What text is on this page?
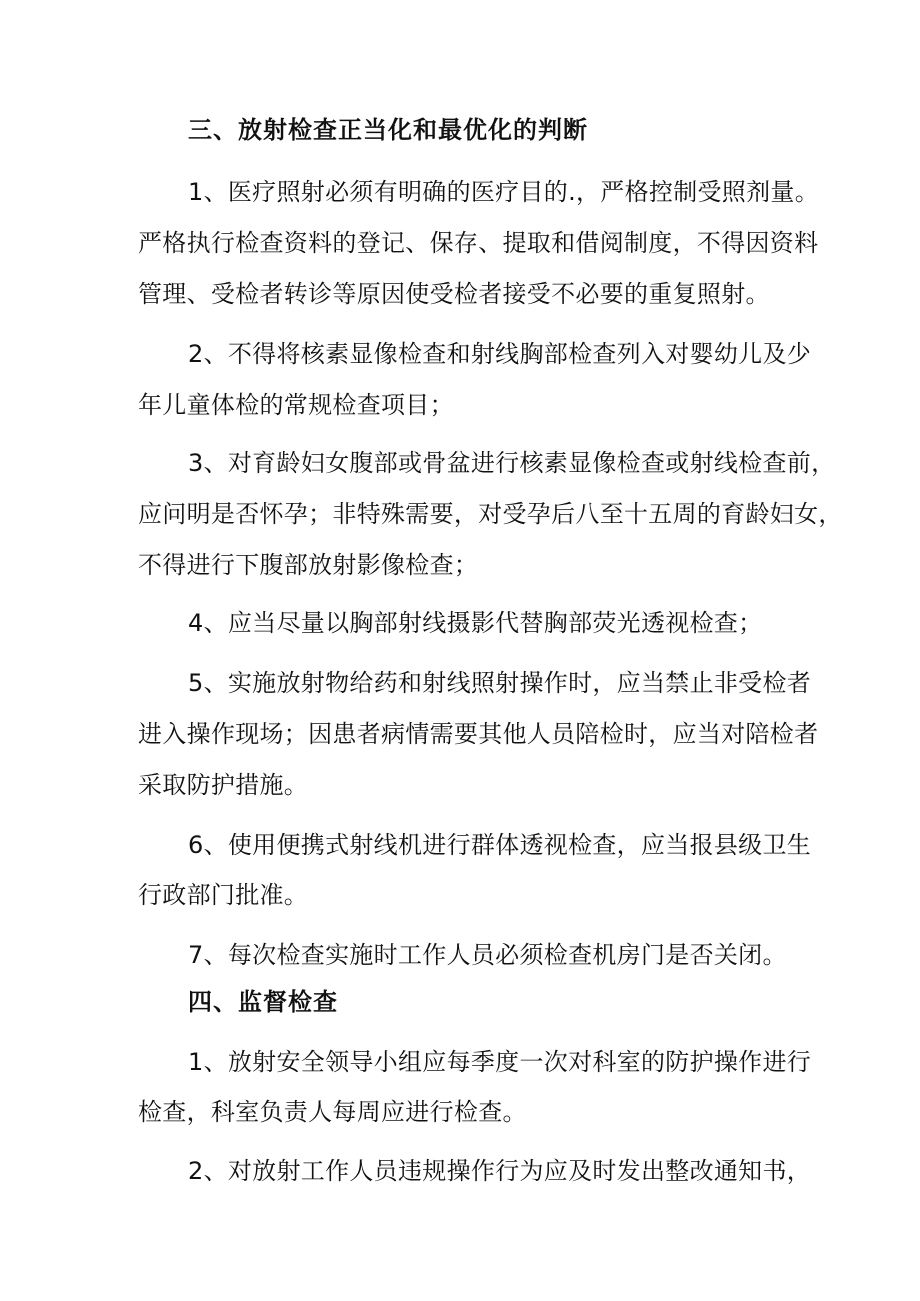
三、放射检查正当化和最优化的判断
1、医疗照射必须有明确的医疗目的.，严格控制受照剂量。
严格执行检查资料的登记、保存、提取和借阅制度，不得因资料
管理、受检者转诊等原因使受检者接受不必要的重复照射。
2、不得将核素显像检查和射线胸部检查列入对婴幼儿及少
年儿童体检的常规检查项目；
3、对育龄妇女腹部或骨盆进行核素显像检查或射线检查前，
应问明是否怀孕；非特殊需要，对受孕后八至十五周的育龄妇女，
不得进行下腹部放射影像检查；
4、应当尽量以胸部射线摄影代替胸部荧光透视检查；
5、实施放射物给药和射线照射操作时，应当禁止非受检者
进入操作现场；因患者病情需要其他人员陪检时，应当对陪检者
采取防护措施。
6、使用便携式射线机进行群体透视检查，应当报县级卫生
行政部门批准。
7、每次检查实施时工作人员必须检查机房门是否关闭。
四、监督检查
1、放射安全领导小组应每季度一次对科室的防护操作进行
检查，科室负责人每周应进行检查。
2、对放射工作人员违规操作行为应及时发出整改通知书，
